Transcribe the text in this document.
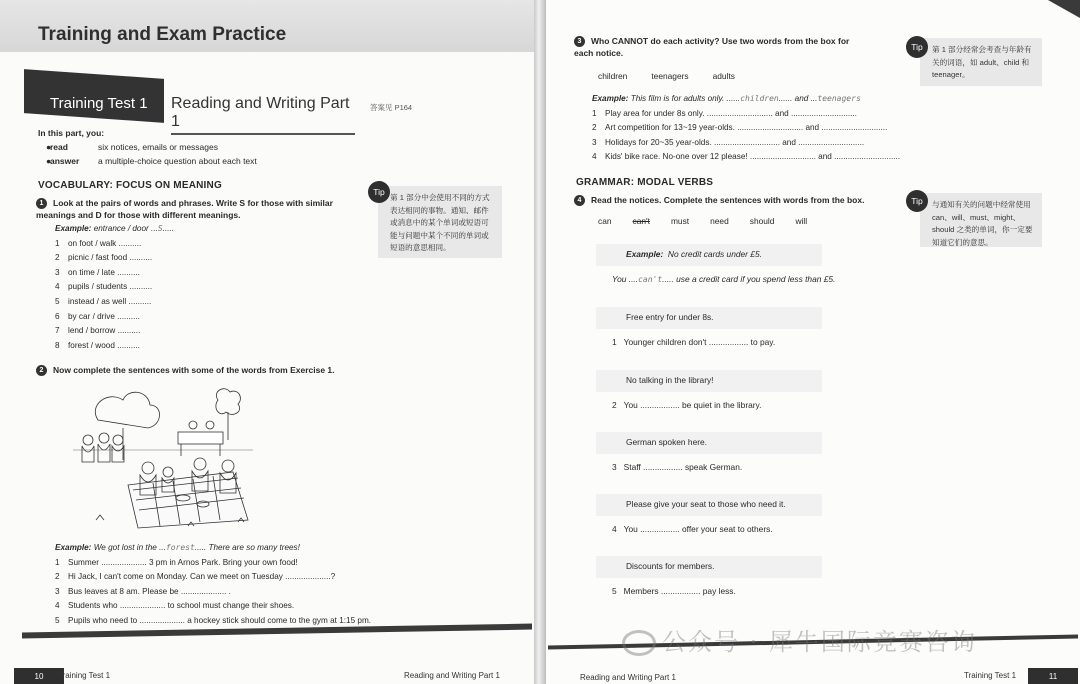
Training and Exam Practice
Training Test 1 Reading and Writing Part 1
答案见 P164
In this part, you:
●
read	six notices, emails or messages
●
answer	a multiple-choice question about each text
VOCABULARY: FOCUS ON MEANING
1 Look at the pairs of words and phrases. Write S for those with similar meanings and D for those with different meanings.
Example:
entrance / door ... S .....
1	on foot / walk ..........
2	picnic / fast food ..........
3	on time / late ..........
4	pupils / students ..........
5	instead / as well ..........
6	by car / drive ..........
7	lend / borrow ..........
8	forest / wood ..........
第 1 部分中会使用不同的方式表达相同的事物。通知、邮件或消息中的某个单词或短语可能与问题中某个不同的单词或短语的意思相同。
Tip
2 Now complete the sentences with some of the words from Exercise 1.
Example:
We got lost in the ... forest ..... There are so many trees!
1	Summer .................... 3 pm in Arnos Park. Bring your own food!
2	Hi Jack, I can't come on Monday. Can we meet on Tuesday ....................?
3	Bus leaves at 8 am. Please be .................... .
4	Students who .................... to school must change their shoes.
5	Pupils who need to .................... a hockey stick should come to the gym at 1:15 pm.
10	Training Test 1	Reading and Writing Part 1
3 Who CANNOT do each activity? Use two words from the box for each notice.
children	teenagers	adults
Example:
This film is for adults only. ...... children ...... and ... teenagers
1	Play area for under 8s only. ............................. and .............................
2	Art competition for 13~19 year-olds. ............................. and .............................
3	Holidays for 20~35 year-olds. ............................. and .............................
4	Kids' bike race. No-one over 12 please! ............................. and .............................
第 1 部分经常会考查与年龄有关的词语，如 adult、child 和 teenager。
Tip
GRAMMAR: MODAL VERBS
4 Read the notices. Complete the sentences with words from the box.
can	can't	must	need	should	will
与通知有关的问题中经常使用 can、will、must、might、should 之类的单词，你一定要知道它们的意思。
Tip
Example: No credit cards under £5.
You ....can't..... use a credit card if you spend less than £5.
Free entry for under 8s.
1 Younger children don't ................. to pay.
No talking in the library!
2 You ................. be quiet in the library.
German spoken here.
3 Staff ................. speak German.
Please give your seat to those who need it.
4 You ................. offer your seat to others.
Discounts for members.
5 Members ................. pay less.
公众号 · 犀牛国际竞赛咨询
Reading and Writing Part 1	Training Test 1	11
